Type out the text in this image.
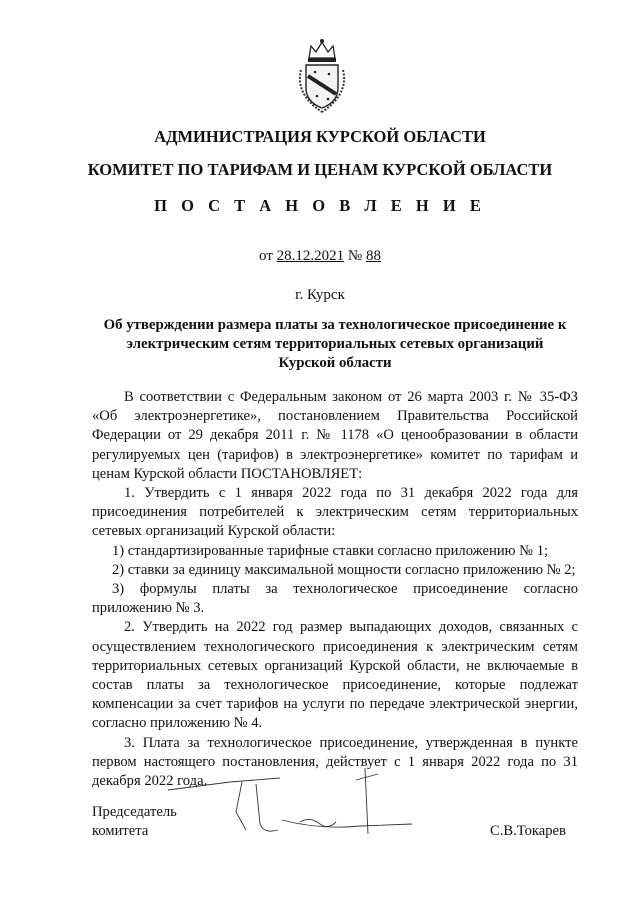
АДМИНИСТРАЦИЯ КУРСКОЙ ОБЛАСТИ
КОМИТЕТ ПО ТАРИФАМ И ЦЕНАМ КУРСКОЙ ОБЛАСТИ
П О С Т А Н О В Л Е Н И Е
от 28.12.2021 № 88
г. Курск
Об утверждении размера платы за технологическое присоединение к электрическим сетям территориальных сетевых организаций Курской области

В соответствии с Федеральным законом от 26 марта 2003 г. № 35-ФЗ «Об электроэнергетике», постановлением Правительства Российской Федерации от 29 декабря 2011 г. № 1178 «О ценообразовании в области регулируемых цен (тарифов) в электроэнергетике» комитет по тарифам и ценам Курской области ПОСТАНОВЛЯЕТ:

1. Утвердить с 1 января 2022 года по 31 декабря 2022 года для присоединения потребителей к электрическим сетям территориальных сетевых организаций Курской области:

1) стандартизированные тарифные ставки согласно приложению № 1;

2) ставки за единицу максимальной мощности согласно приложению № 2;

3) формулы платы за технологическое присоединение согласно приложению № 3.

2. Утвердить на 2022 год размер выпадающих доходов, связанных с осуществлением технологического присоединения к электрическим сетям территориальных сетевых организаций Курской области, не включаемые в состав платы за технологическое присоединение, которые подлежат компенсации за счет тарифов на услуги по передаче электрической энергии, согласно приложению № 4.

3. Плата за технологическое присоединение, утвержденная в пункте первом настоящего постановления, действует с 1 января 2022 года по 31 декабря 2022 года.

Председатель
комитета	С.В.Токарев
